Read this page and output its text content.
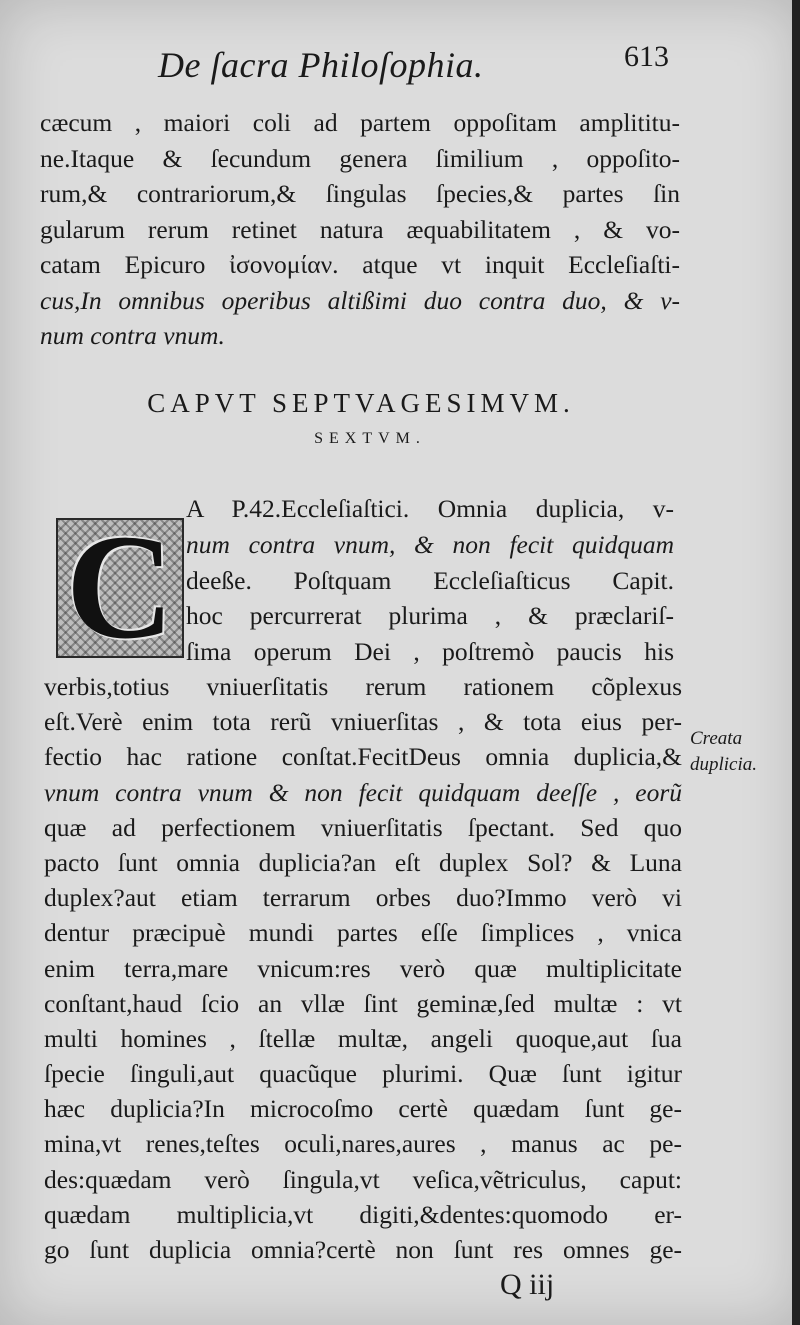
De ſacra Philoſophia.	613
cæcum , maiori coli ad partem oppoſitam amplititu-
ne.Itaque & ſecundum genera ſimilium , oppoſito-
rum,& contrariorum,& ſingulas ſpecies,& partes ſin
gularum rerum retinet natura æquabilitatem , & vo-
catam Epicuro ἰσονομίαν. atque vt inquit Eccleſiaſti-
cus,In omnibus operibus altißimi duo contra duo, & v-
num contra vnum.
CAPVT SEPTVAGESIMVM.
SEXTVM.
C A P.42.Eccleſiaſtici. Omnia duplicia, v-
num contra vnum, & non fecit quidquam
deeße. Poſtquam Eccleſiaſticus Capit.
hoc percurrerat plurima , & præclariſ-
ſima operum Dei , poſtremò paucis his
verbis,totius vniuerſitatis rerum rationem cõplexus
eſt.Verè enim tota rerũ vniuerſitas , & tota eius per-
fectio hac ratione conſtat.FecitDeus omnia duplicia,&
vnum contra vnum & non fecit quidquam deeſſe , eorũ
quæ ad perfectionem vniuerſitatis ſpectant. Sed quo
pacto ſunt omnia duplicia?an eſt duplex Sol? & Luna
duplex?aut etiam terrarum orbes duo?Immo verò vi
dentur præcipuè mundi partes eſſe ſimplices , vnica
enim terra,mare vnicum:res verò quæ multiplicitate
conſtant,haud ſcio an vllæ ſint geminæ,ſed multæ : vt
multi homines , ſtellæ multæ, angeli quoque,aut ſua
ſpecie ſinguli,aut quacũque plurimi. Quæ ſunt igitur
hæc duplicia?In microcoſmo certè quædam ſunt ge-
mina,vt renes,teſtes oculi,nares,aures , manus ac pe-
des:quædam verò ſingula,vt veſica,vẽtriculus, caput:
quædam multiplicia,vt digiti,&dentes:quomodo er-
go ſunt duplicia omnia?certè non ſunt res omnes ge-
Creata
duplicia.
Q iij
